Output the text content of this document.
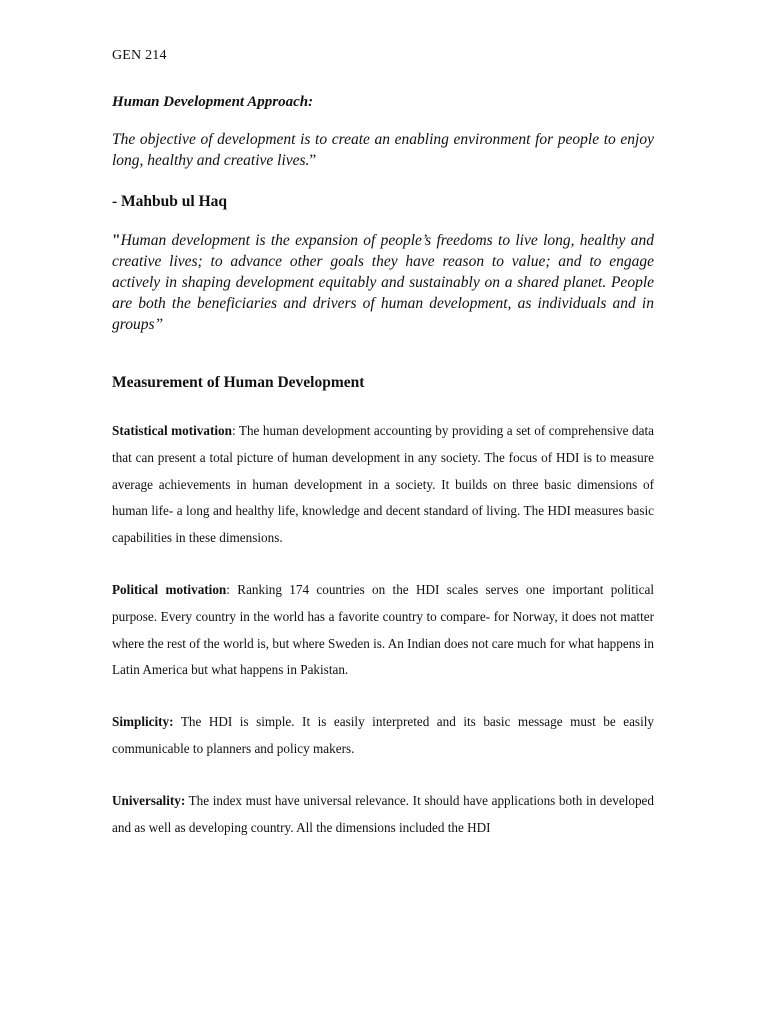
GEN 214
Human Development Approach:
The objective of development is to create an enabling environment for people to enjoy long, healthy and creative lives.”
- Mahbub ul Haq
"Human development is the expansion of people’s freedoms to live long, healthy and creative lives; to advance other goals they have reason to value; and to engage actively in shaping development equitably and sustainably on a shared planet. People are both the beneficiaries and drivers of human development, as individuals and in groups”
Measurement of Human Development

Statistical motivation: The human development accounting by providing a set of comprehensive data that can present a total picture of human development in any society. The focus of HDI is to measure average achievements in human development in a society. It builds on three basic dimensions of human life- a long and healthy life, knowledge and decent standard of living. The HDI measures basic capabilities in these dimensions.

Political motivation: Ranking 174 countries on the HDI scales serves one important political purpose. Every country in the world has a favorite country to compare- for Norway, it does not matter where the rest of the world is, but where Sweden is. An Indian does not care much for what happens in Latin America but what happens in Pakistan.

Simplicity: The HDI is simple. It is easily interpreted and its basic message must be easily communicable to planners and policy makers.

Universality: The index must have universal relevance. It should have applications both in developed and as well as developing country. All the dimensions included the HDI
